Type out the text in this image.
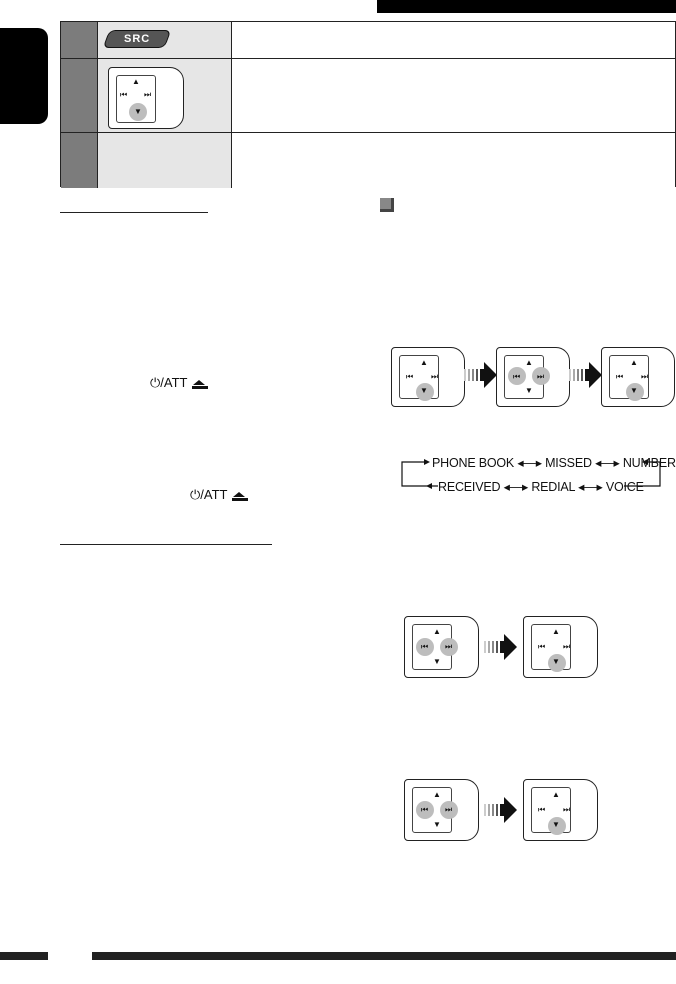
SRC
▲
⏮ ⏭
▼
⏻/ATT
⏻/ATT
▲
⏮ ⏭
▼
▲
⏮ ⏭
▼
▲
⏮ ⏭
▼
PHONE BOOK ◂—▸ MISSED ◂—▸ NUMBER
RECEIVED ◂—▸ REDIAL ◂—▸ VOICE
▲
⏮ ⏭
▼
▲
⏮ ⏭
▼
▲
⏮ ⏭
▼
▲
⏮ ⏭
▼
